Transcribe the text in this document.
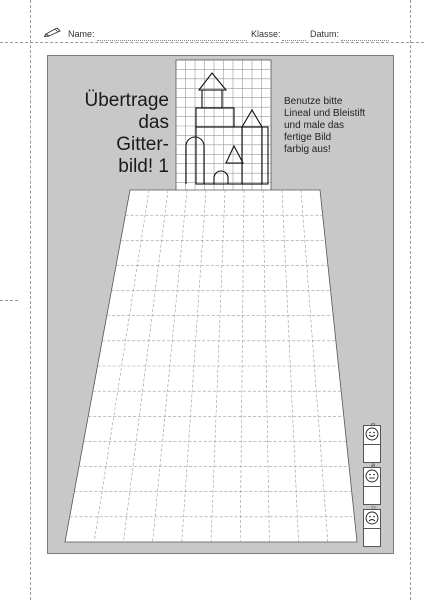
Name:	Klasse:	Datum:
Übertrage
das
Gitter-
bild! 1
Benutze bitte
Lineal und Bleistift
und male das
fertige Bild
farbig aus!
